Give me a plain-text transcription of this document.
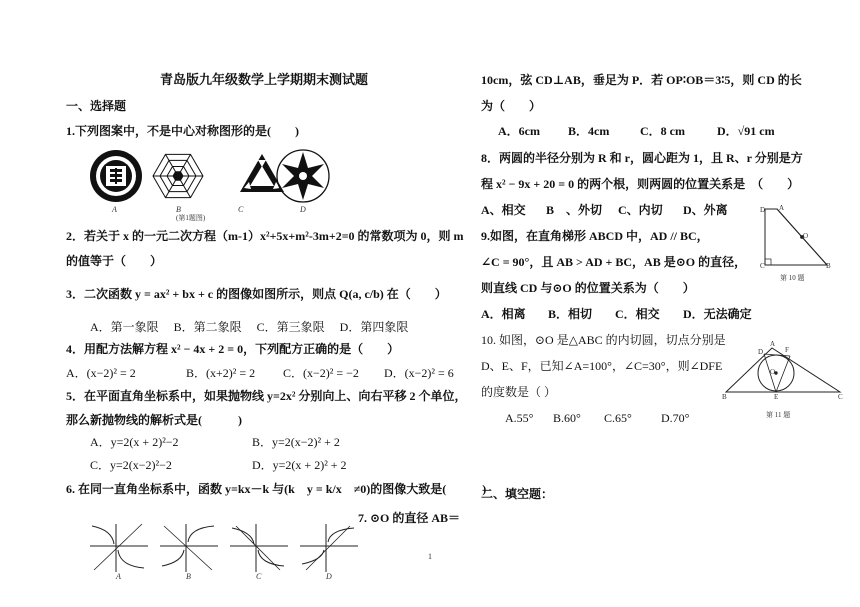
青岛版九年级数学上学期期末测试题
一、选择题
1.下列图案中，不是中心对称图形的是(　　)
A	B
(第1题图)
C	D
2．若关于 x 的一元二次方程（m-1）x²+5x+m²-3m+2=0 的常数项为 0，则 m
的值等于（　　）
3．二次函数 y = ax² + bx + c 的图像如图所示，则点 Q(a, c/b) 在（　　）
A．第一象限　 B．第二象限　 C．第三象限　 D．第四象限
4．用配方法解方程 x² − 4x + 2 = 0，下列配方正确的是（　　）
A．(x−2)² = 2	B．(x+2)² = 2 C．(x−2)² = −2 D．(x−2)² = 6
5．在平面直角坐标系中，如果抛物线 y=2x² 分别向上、向右平移 2 个单位，
那么新抛物线的解析式是(　　　)
A．y=2(x + 2)²−2	B．y=2(x−2)² + 2
C．y=2(x−2)²−2	D．y=2(x + 2)² + 2
6. 在同一直角坐标系中，函数 y=kx－k 与(k　y = k/x　≠0)的图像大致是(　　　)
7. ⊙O 的直径 AB＝
A	B	C	D
1
10cm，弦 CD⊥AB，垂足为 P．若 OP∶OB＝3∶5，则 CD 的长
为（　　）
A．6cm B．4cm	C．8 cm	D．√91 cm
8．两圆的半径分别为 R 和 r，圆心距为 1，且 R、r 分别是方
程 x² − 9x + 20 = 0 的两个根，则两圆的位置关系是　（　　）
A、相交 B　、外切 C、内切 D、外离
9.如图，在直角梯形 ABCD 中，AD // BC，
∠C = 90°，且 AB > AD + BC，AB 是⊙O 的直径，
则直线 CD 与⊙O 的位置关系为（　　）
A．相离 B．相切 C．相交 D．无法确定
10. 如图，⊙O 是△ABC 的内切圆，切点分别是
D、E、F，已知∠A=100°，∠C=30°，则∠DFE
的度数是（ ）
A.55° B.60° C.65° D.70°
二、填空题：
D A
O
C	B
第 10 题
A
D	F
O
B	E	C
第 11 题
